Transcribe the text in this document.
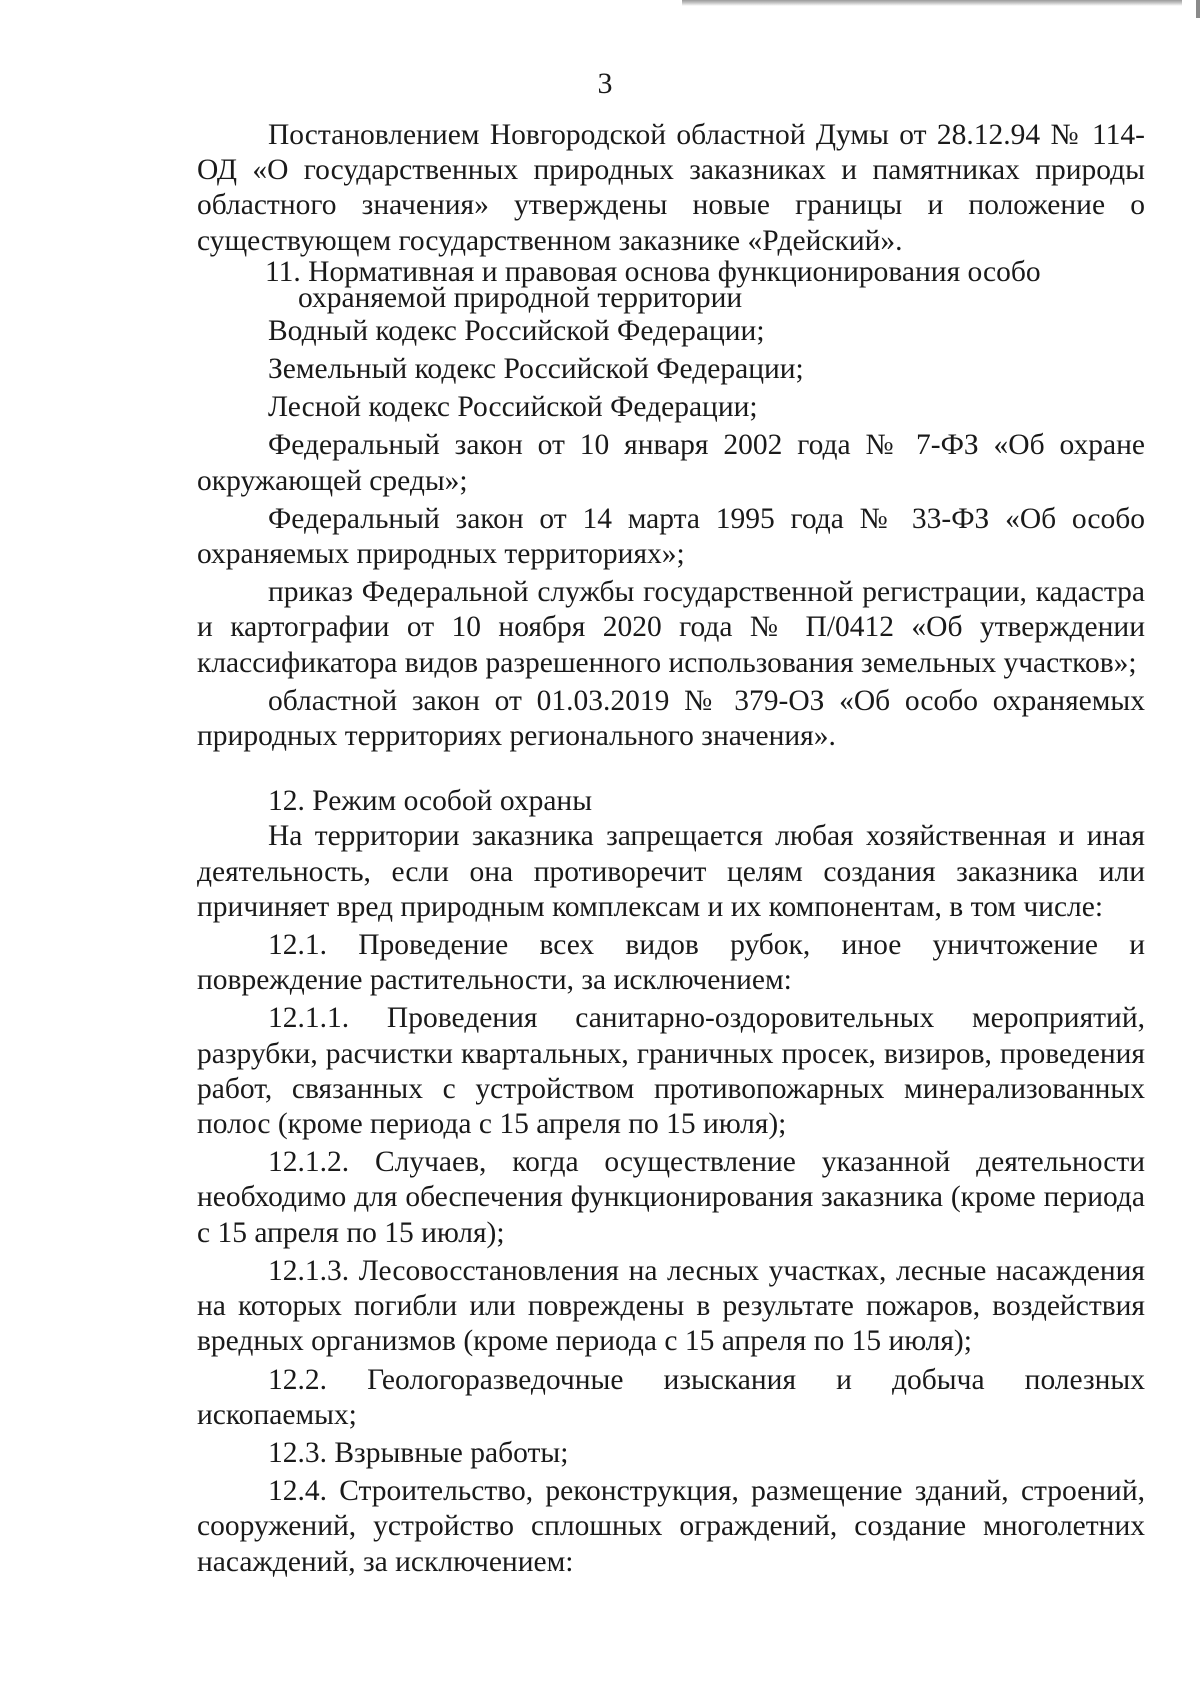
3

Постановлением Новгородской областной Думы от 28.12.94 № 114-ОД «О государственных природных заказниках и памятниках природы областного значения» утверждены новые границы и положение о существующем государственном заказнике «Рдейский».

11. Нормативная и правовая основа функционирования особо охраняемой природной территории

Водный кодекс Российской Федерации;

Земельный кодекс Российской Федерации;

Лесной кодекс Российской Федерации;

Федеральный закон от 10 января 2002 года № 7-ФЗ «Об охране окружающей среды»;

Федеральный закон от 14 марта 1995 года № 33-ФЗ «Об особо охраняемых природных территориях»;

приказ Федеральной службы государственной регистрации, кадастра и картографии от 10 ноября 2020 года № П/0412 «Об утверждении классификатора видов разрешенного использования земельных участков»;

областной закон от 01.03.2019 № 379-ОЗ «Об особо охраняемых природных территориях регионального значения».

12. Режим особой охраны

На территории заказника запрещается любая хозяйственная и иная деятельность, если она противоречит целям создания заказника или причиняет вред природным комплексам и их компонентам, в том числе:

12.1. Проведение всех видов рубок, иное уничтожение и повреждение растительности, за исключением:

12.1.1. Проведения санитарно-оздоровительных мероприятий, разрубки, расчистки квартальных, граничных просек, визиров, проведения работ, связанных с устройством противопожарных минерализованных полос (кроме периода с 15 апреля по 15 июля);

12.1.2. Случаев, когда осуществление указанной деятельности необходимо для обеспечения функционирования заказника (кроме периода с 15 апреля по 15 июля);

12.1.3. Лесовосстановления на лесных участках, лесные насаждения на которых погибли или повреждены в результате пожаров, воздействия вредных организмов (кроме периода с 15 апреля по 15 июля);

12.2. Геологоразведочные изыскания и добыча полезных ископаемых;

12.3. Взрывные работы;

12.4. Строительство, реконструкция, размещение зданий, строений, сооружений, устройство сплошных ограждений, создание многолетних насаждений, за исключением:
